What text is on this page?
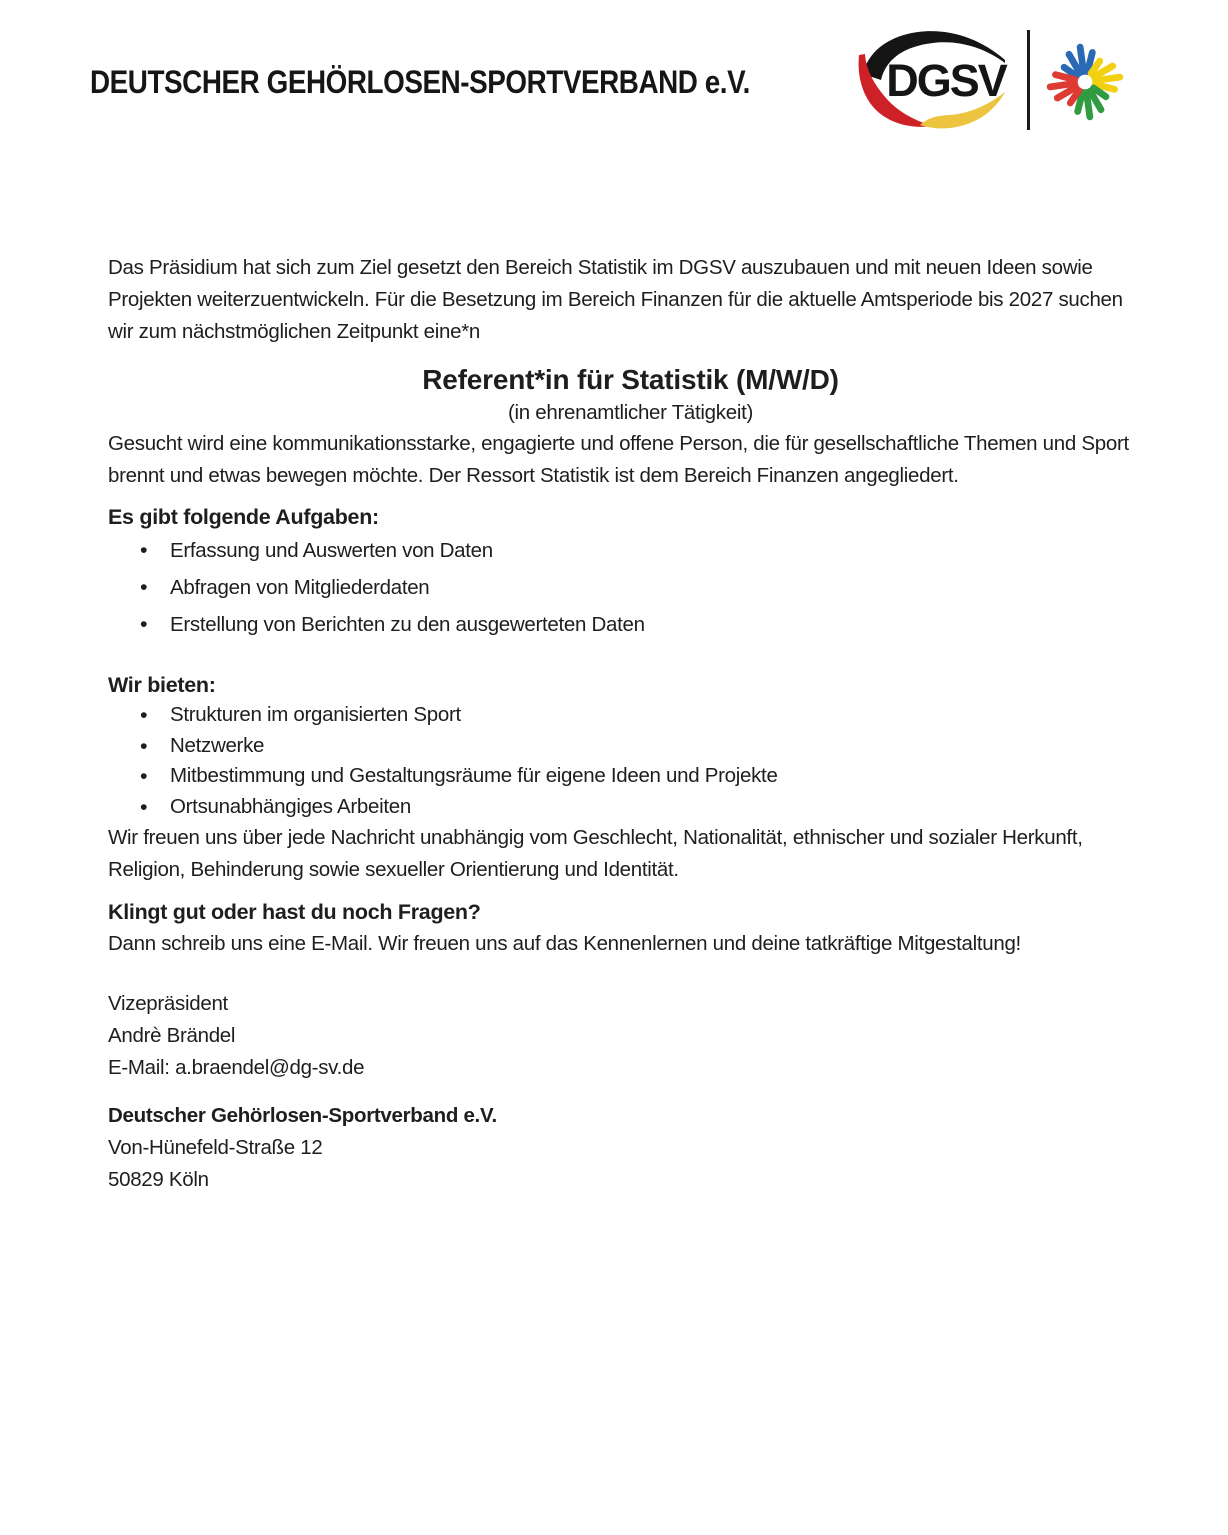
DEUTSCHER GEHÖRLOSEN-SPORTVERBAND e.V.	DGSV

Das Präsidium hat sich zum Ziel gesetzt den Bereich Statistik im DGSV auszubauen und mit neuen Ideen sowie Projekten weiterzuentwickeln. Für die Besetzung im Bereich Finanzen für die aktuelle Amtsperiode bis 2027 suchen wir zum nächstmöglichen Zeitpunkt eine*n

Referent*in für Statistik (M/W/D)

(in ehrenamtlicher Tätigkeit)

Gesucht wird eine kommunikationsstarke, engagierte und offene Person, die für gesellschaftliche Themen und Sport brennt und etwas bewegen möchte. Der Ressort Statistik ist dem Bereich Finanzen angegliedert.

Es gibt folgende Aufgaben:
• Erfassung und Auswerten von Daten
• Abfragen von Mitgliederdaten
• Erstellung von Berichten zu den ausgewerteten Daten
Wir bieten:
• Strukturen im organisierten Sport
• Netzwerke
• Mitbestimmung und Gestaltungsräume für eigene Ideen und Projekte
• Ortsunabhängiges Arbeiten

Wir freuen uns über jede Nachricht unabhängig vom Geschlecht, Nationalität, ethnischer und sozialer Herkunft, Religion, Behinderung sowie sexueller Orientierung und Identität.

Klingt gut oder hast du noch Fragen?

Dann schreib uns eine E-Mail. Wir freuen uns auf das Kennenlernen und deine tatkräftige Mitgestaltung!

Vizepräsident
Andrè Brändel
E-Mail: a.braendel@dg-sv.de
Deutscher Gehörlosen-Sportverband e.V.
Von-Hünefeld-Straße 12
50829 Köln
